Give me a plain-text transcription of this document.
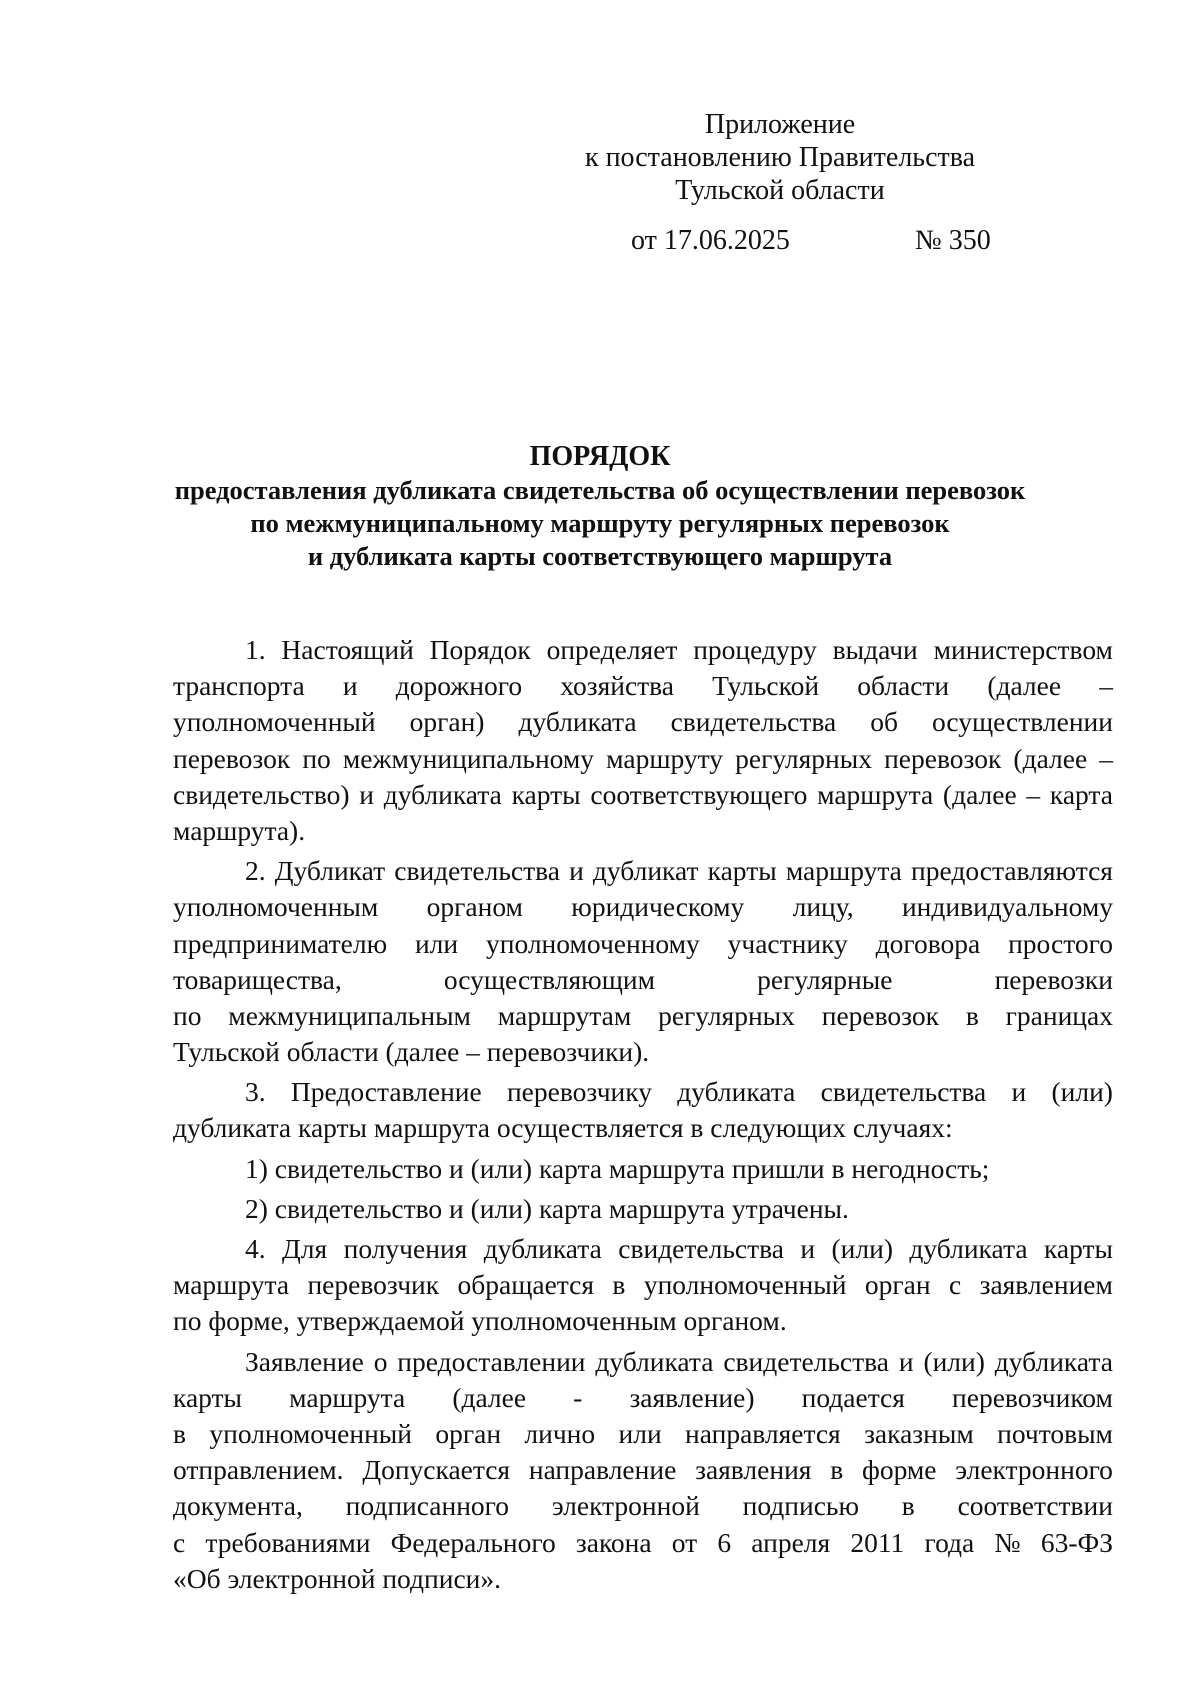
Приложение
к постановлению Правительства
Тульской области
от 17.06.2025	№ 350
ПОРЯДОК
предоставления дубликата свидетельства об осуществлении перевозок
по межмуниципальному маршруту регулярных перевозок
и дубликата карты соответствующего маршрута
1. Настоящий Порядок определяет процедуру выдачи министерством
транспорта и дорожного хозяйства Тульской области (далее –
уполномоченный орган) дубликата свидетельства об осуществлении
перевозок по межмуниципальному маршруту регулярных перевозок (далее –
свидетельство) и дубликата карты соответствующего маршрута (далее – карта
маршрута).
2. Дубликат свидетельства и дубликат карты маршрута предоставляются
уполномоченным органом юридическому лицу, индивидуальному
предпринимателю или уполномоченному участнику договора простого
товарищества,	осуществляющим	регулярные	перевозки
по межмуниципальным маршрутам регулярных перевозок в границах
Тульской области (далее – перевозчики).
3. Предоставление перевозчику дубликата свидетельства и (или)
дубликата карты маршрута осуществляется в следующих случаях:
1) свидетельство и (или) карта маршрута пришли в негодность;
2) свидетельство и (или) карта маршрута утрачены.
4. Для получения дубликата свидетельства и (или) дубликата карты
маршрута перевозчик обращается в уполномоченный орган с заявлением
по форме, утверждаемой уполномоченным органом.
Заявление о предоставлении дубликата свидетельства и (или) дубликата
карты маршрута (далее - заявление) подается перевозчиком
в уполномоченный орган лично или направляется заказным почтовым
отправлением. Допускается направление заявления в форме электронного
документа, подписанного электронной подписью в соответствии
с требованиями Федерального закона от 6 апреля 2011 года № 63-ФЗ
«Об электронной подписи».
